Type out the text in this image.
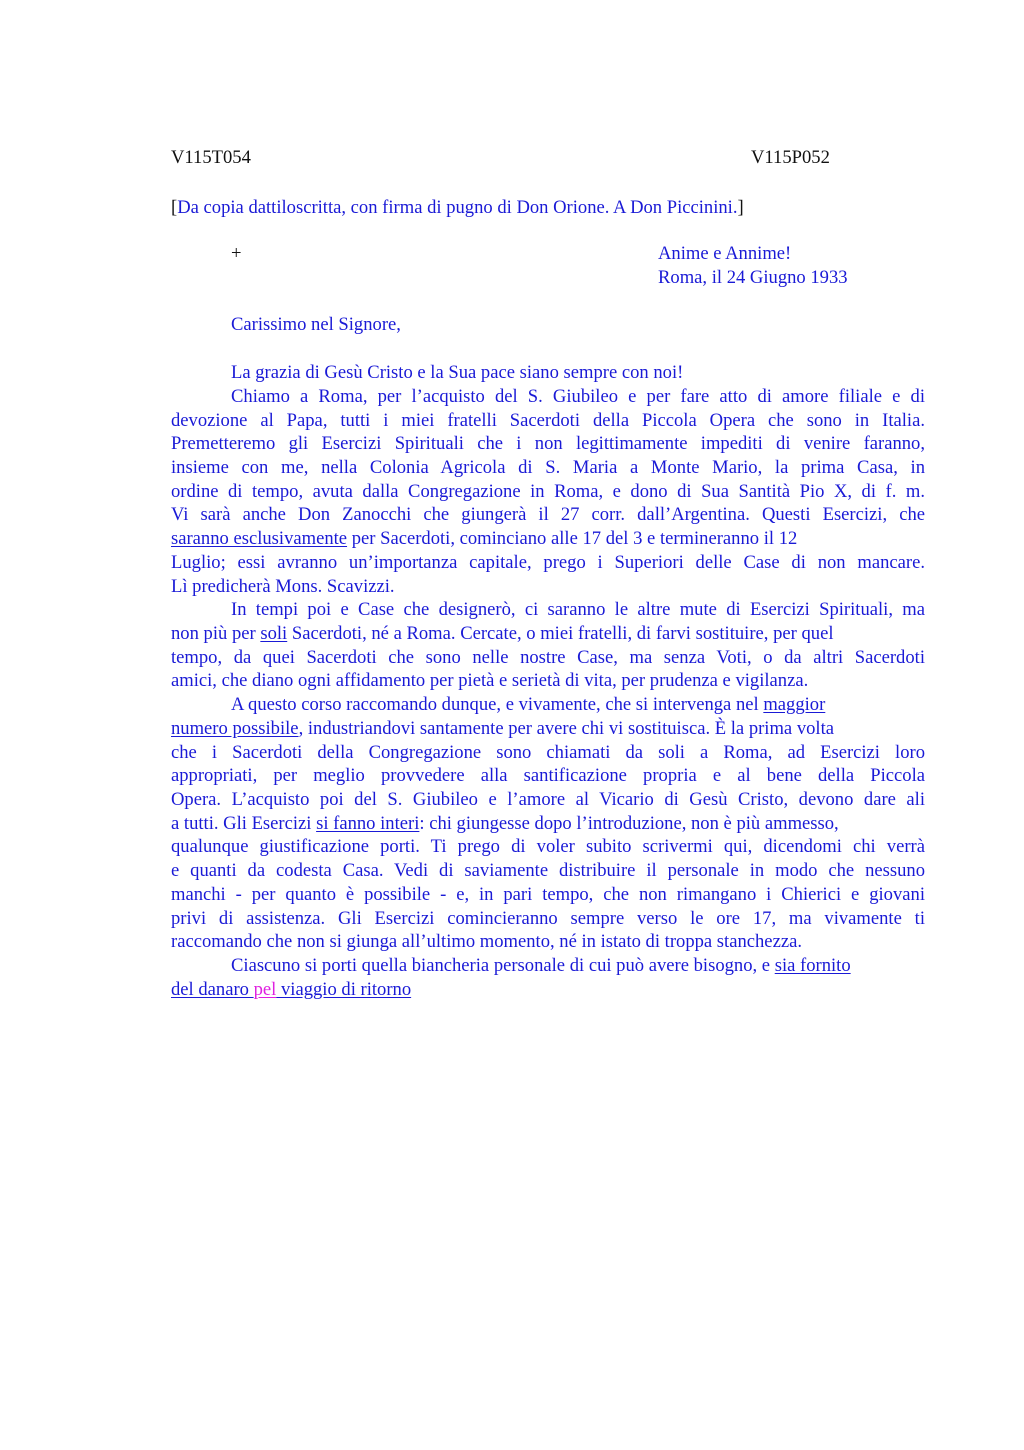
V115T054	V115P052
[Da copia dattiloscritta, con firma di pugno di Don Orione. A Don Piccinini.]
+	Anime e Annime!
Roma, il 24 Giugno 1933
Carissimo nel Signore,
La grazia di Gesù Cristo e la Sua pace siano sempre con noi!
Chiamo a Roma, per l’acquisto del S. Giubileo e per fare atto di amore filiale e di
devozione al Papa, tutti i miei fratelli Sacerdoti della Piccola Opera che sono in Italia.
Premetteremo gli Esercizi Spirituali che i non legittimamente impediti di venire faranno,
insieme con me, nella Colonia Agricola di S. Maria a Monte Mario, la prima Casa, in
ordine di tempo, avuta dalla Congregazione in Roma, e dono di Sua Santità Pio X, di f. m.
Vi sarà anche Don Zanocchi che giungerà il 27 corr. dall’Argentina. Questi Esercizi, che
saranno esclusivamente per Sacerdoti, cominciano alle 17 del 3 e termineranno il 12
Luglio; essi avranno un’importanza capitale, prego i Superiori delle Case di non mancare.
Lì predicherà Mons. Scavizzi.
In tempi poi e Case che designerò, ci saranno le altre mute di Esercizi Spirituali, ma
non più per soli Sacerdoti, né a Roma. Cercate, o miei fratelli, di farvi sostituire, per quel
tempo, da quei Sacerdoti che sono nelle nostre Case, ma senza Voti, o da altri Sacerdoti
amici, che diano ogni affidamento per pietà e serietà di vita, per prudenza e vigilanza.
A questo corso raccomando dunque, e vivamente, che si intervenga nel maggior
numero possibile, industriandovi santamente per avere chi vi sostituisca. È la prima volta
che i Sacerdoti della Congregazione sono chiamati da soli a Roma, ad Esercizi loro
appropriati, per meglio provvedere alla santificazione propria e al bene della Piccola
Opera. L’acquisto poi del S. Giubileo e l’amore al Vicario di Gesù Cristo, devono dare ali
a tutti. Gli Esercizi si fanno interi: chi giungesse dopo l’introduzione, non è più ammesso,
qualunque giustificazione porti. Ti prego di voler subito scrivermi qui, dicendomi chi verrà
e quanti da codesta Casa. Vedi di saviamente distribuire il personale in modo che nessuno
manchi - per quanto è possibile - e, in pari tempo, che non rimangano i Chierici e giovani
privi di assistenza. Gli Esercizi comincieranno sempre verso le ore 17, ma vivamente ti
raccomando che non si giunga all’ultimo momento, né in istato di troppa stanchezza.
Ciascuno si porti quella biancheria personale di cui può avere bisogno, e sia fornito
del danaro pel viaggio di ritorno
